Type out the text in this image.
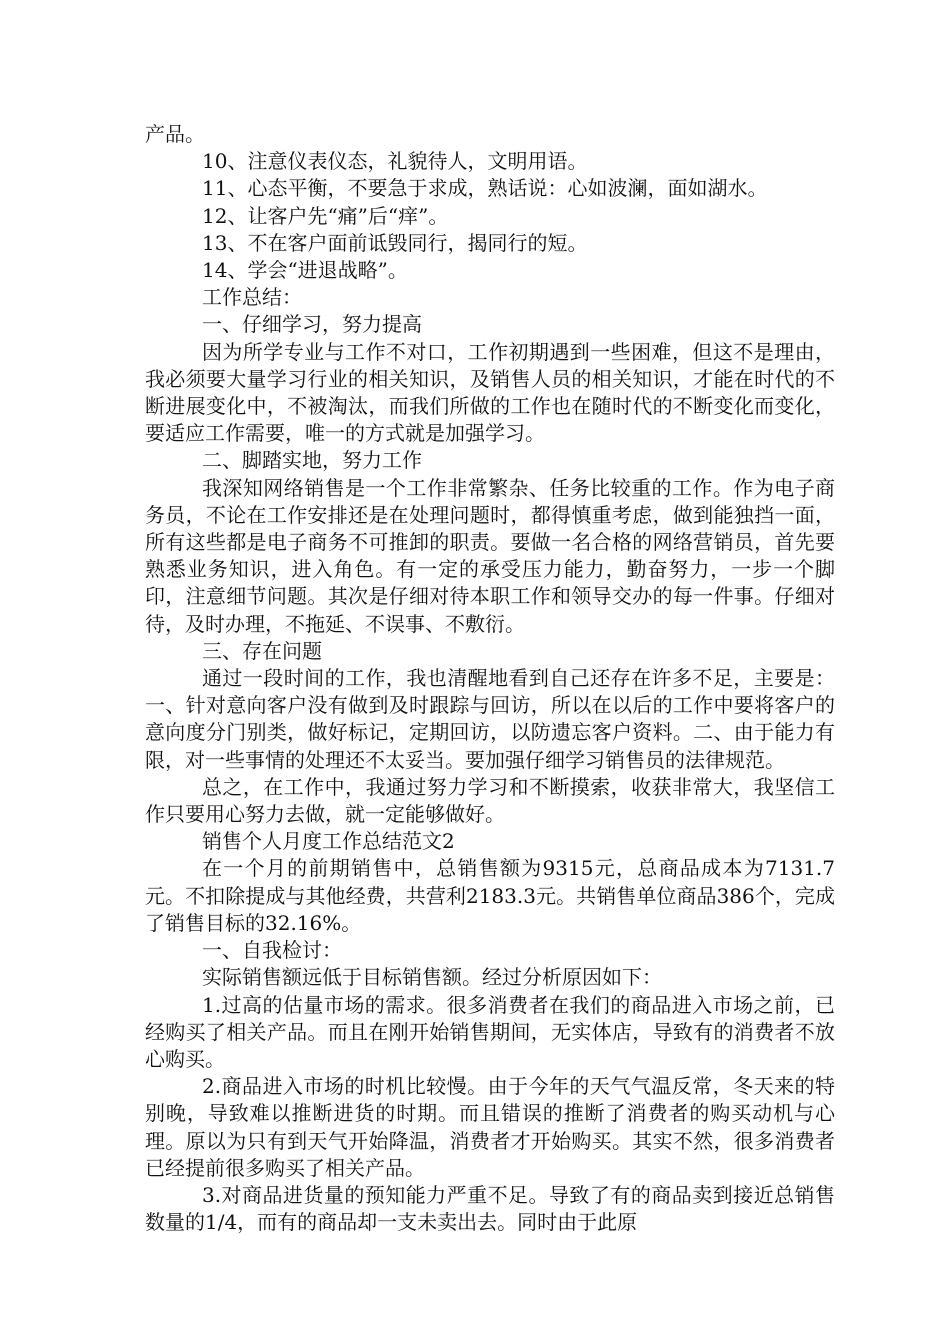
产品。

10、注意仪表仪态，礼貌待人，文明用语。

11、心态平衡，不要急于求成，熟话说：心如波澜，面如湖水。

12、让客户先“痛”后“痒”。

13、不在客户面前诋毁同行，揭同行的短。

14、学会“进退战略”。

工作总结：

一、仔细学习，努力提高

因为所学专业与工作不对口，工作初期遇到一些困难，但这不是理由，我必须要大量学习行业的相关知识，及销售人员的相关知识，才能在时代的不断进展变化中，不被淘汰，而我们所做的工作也在随时代的不断变化而变化，要适应工作需要，唯一的方式就是加强学习。

二、脚踏实地，努力工作

我深知网络销售是一个工作非常繁杂、任务比较重的工作。作为电子商务员，不论在工作安排还是在处理问题时，都得慎重考虑，做到能独挡一面，所有这些都是电子商务不可推卸的职责。要做一名合格的网络营销员，首先要熟悉业务知识，进入角色。有一定的承受压力能力，勤奋努力，一步一个脚印，注意细节问题。其次是仔细对待本职工作和领导交办的每一件事。仔细对待，及时办理，不拖延、不误事、不敷衍。

三、存在问题

通过一段时间的工作，我也清醒地看到自己还存在许多不足，主要是：一、针对意向客户没有做到及时跟踪与回访，所以在以后的工作中要将客户的意向度分门别类，做好标记，定期回访，以防遗忘客户资料。二、由于能力有限，对一些事情的处理还不太妥当。要加强仔细学习销售员的法律规范。

总之，在工作中，我通过努力学习和不断摸索，收获非常大，我坚信工作只要用心努力去做，就一定能够做好。

销售个人月度工作总结范文2

在一个月的前期销售中，总销售额为9315元，总商品成本为7131.7元。不扣除提成与其他经费，共营利2183.3元。共销售单位商品386个，完成了销售目标的32.16%。

一、自我检讨：

实际销售额远低于目标销售额。经过分析原因如下：

1.过高的估量市场的需求。很多消费者在我们的商品进入市场之前，已经购买了相关产品。而且在刚开始销售期间，无实体店，导致有的消费者不放心购买。

2.商品进入市场的时机比较慢。由于今年的天气气温反常，冬天来的特别晚，导致难以推断进货的时期。而且错误的推断了消费者的购买动机与心理。原以为只有到天气开始降温，消费者才开始购买。其实不然，很多消费者已经提前很多购买了相关产品。

3.对商品进货量的预知能力严重不足。导致了有的商品卖到接近总销售数量的1/4，而有的商品却一支未卖出去。同时由于此原
